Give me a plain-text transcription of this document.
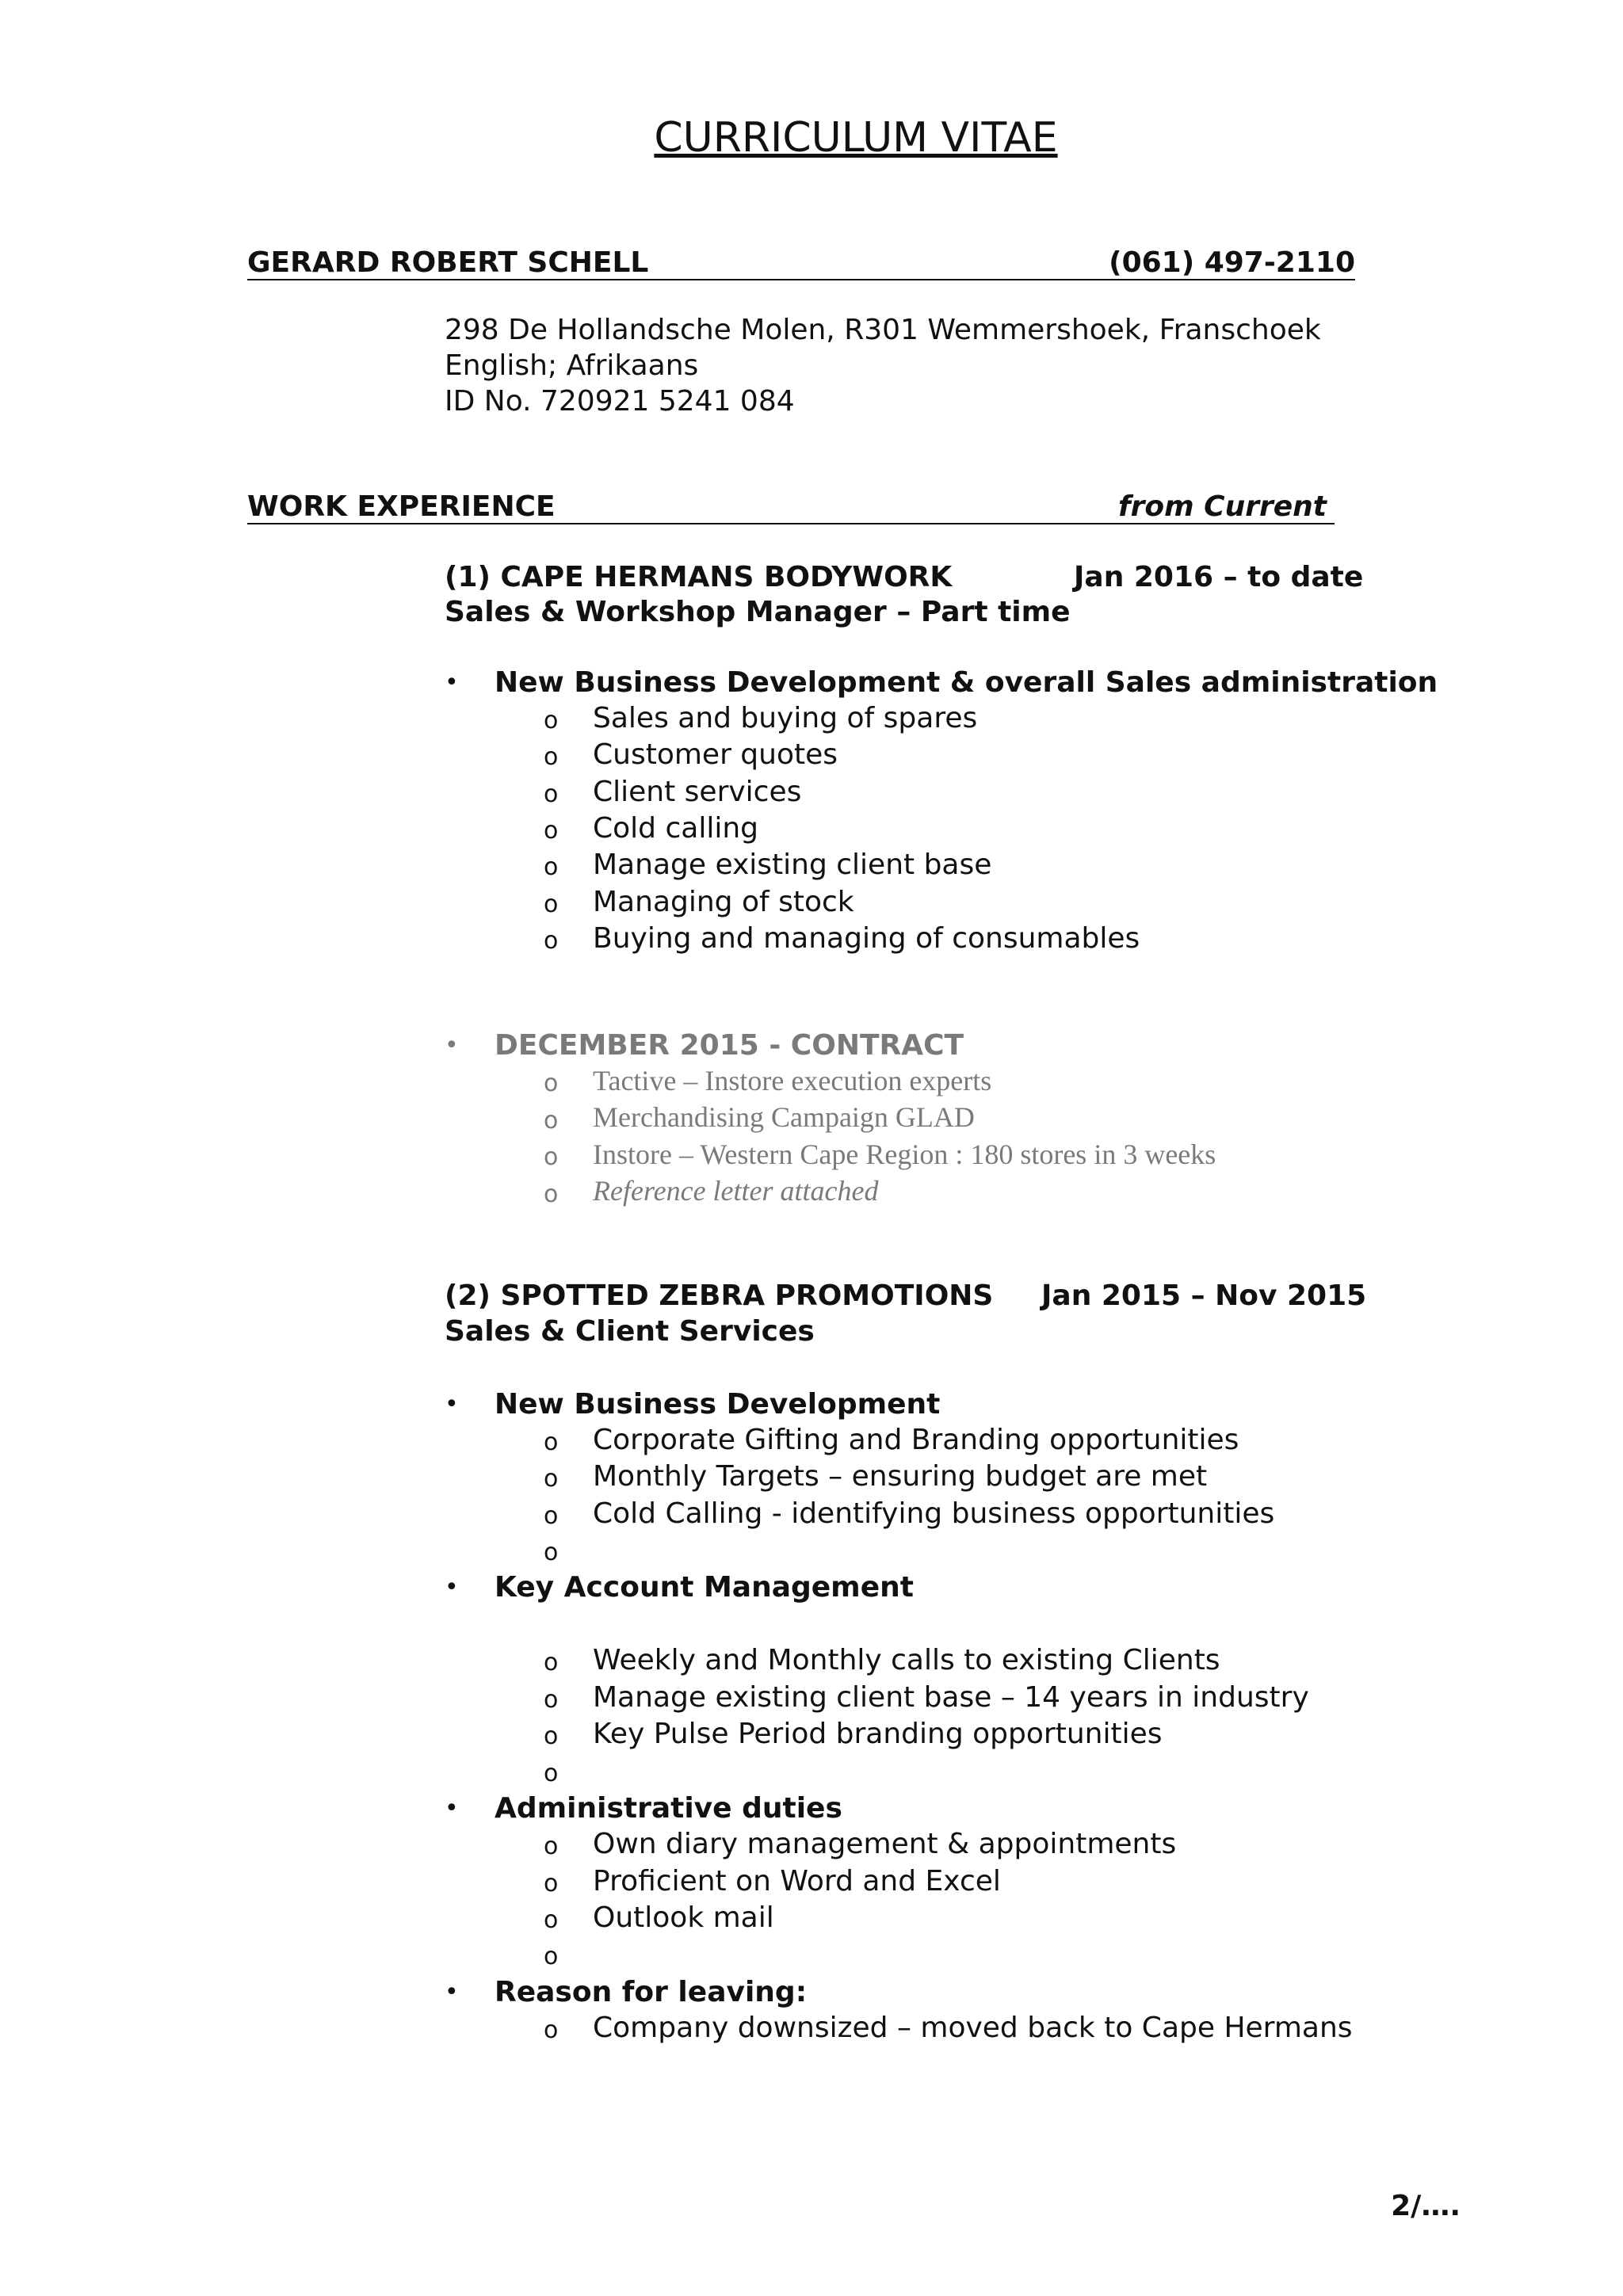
CURRICULUM VITAE
GERARD ROBERT SCHELL	(061) 497-2110
298 De Hollandsche Molen, R301 Wemmershoek, Franschoek
English; Afrikaans
ID No. 720921 5241 084
WORK EXPERIENCE	from Current
(1) CAPE HERMANS BODYWORK	Jan 2016 – to date
Sales & Workshop Manager – Part time
• New Business Development & overall Sales administration
o Sales and buying of spares
o Customer quotes
o Client services
o Cold calling
o Manage existing client base
o Managing of stock
o Buying and managing of consumables
• DECEMBER 2015 - CONTRACT
o Tactive – Instore execution experts
o Merchandising Campaign GLAD
o Instore – Western Cape Region : 180 stores in 3 weeks
o Reference letter attached
(2) SPOTTED ZEBRA PROMOTIONS Jan 2015 – Nov 2015
Sales & Client Services
• New Business Development
o Corporate Gifting and Branding opportunities
o Monthly Targets – ensuring budget are met
o Cold Calling - identifying business opportunities
o
• Key Account Management
o Weekly and Monthly calls to existing Clients
o Manage existing client base – 14 years in industry
o Key Pulse Period branding opportunities
o
• Administrative duties
o Own diary management & appointments
o Proficient on Word and Excel
o Outlook mail
o
• Reason for leaving:
o Company downsized – moved back to Cape Hermans
2/….
